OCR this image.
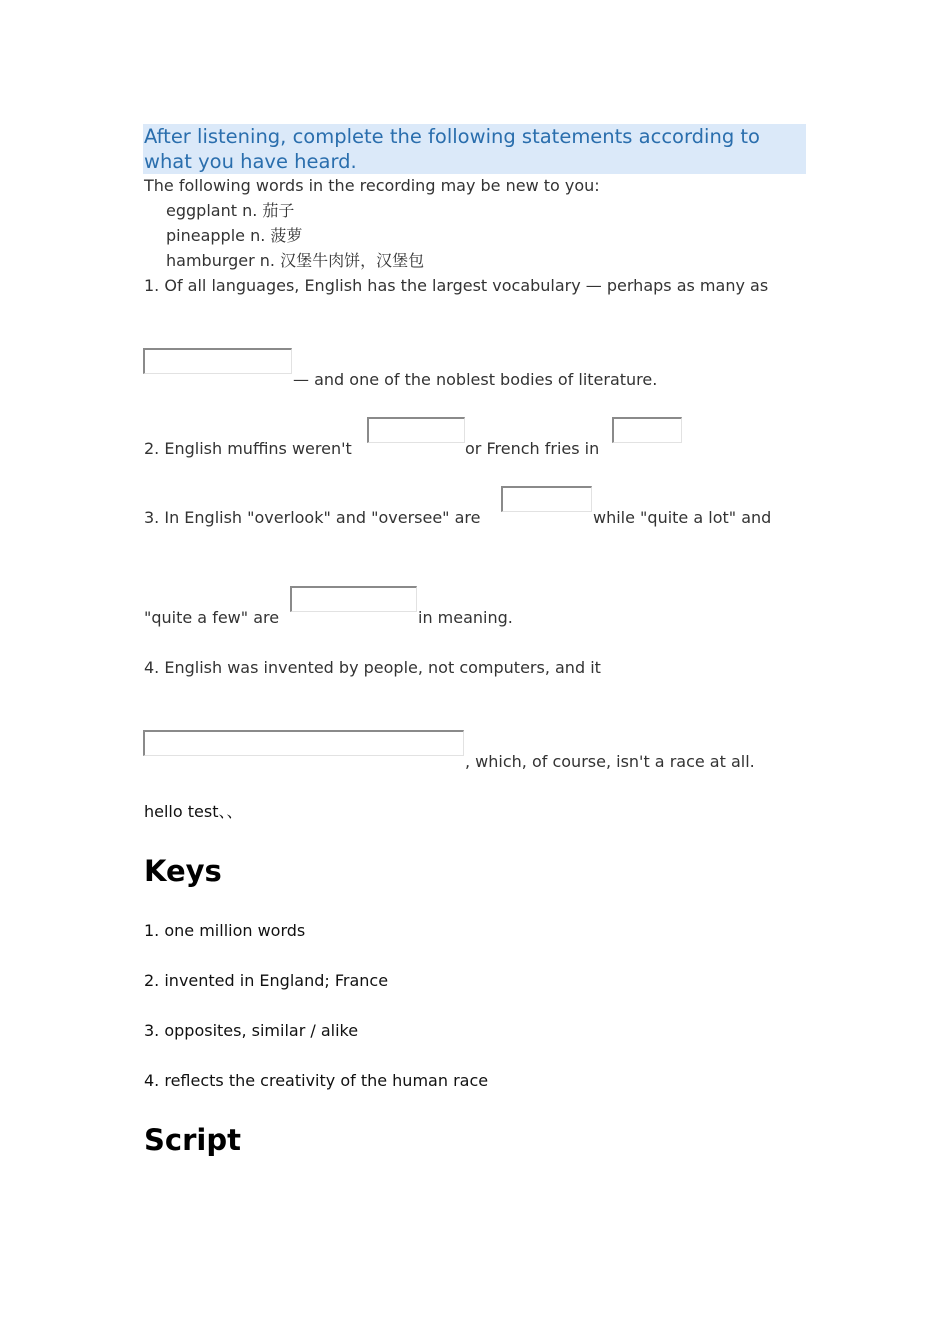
After listening, complete the following statements according to what you have heard.
The following words in the recording may be new to you:
eggplant n. 茄子
pineapple n. 菠萝
hamburger n. 汉堡牛肉饼，汉堡包
1. Of all languages, English has the largest vocabulary — perhaps as many as
— and one of the noblest bodies of literature.
2. English muffins weren't	or French fries in
3. In English "overlook" and "oversee" are	while "quite a lot" and
"quite a few" are	in meaning.
4. English was invented by people, not computers, and it
, which, of course, isn't a race at all.
hello test、、
Keys
1. one million words
2. invented in England; France
3. opposites, similar / alike
4. reflects the creativity of the human race
Script
